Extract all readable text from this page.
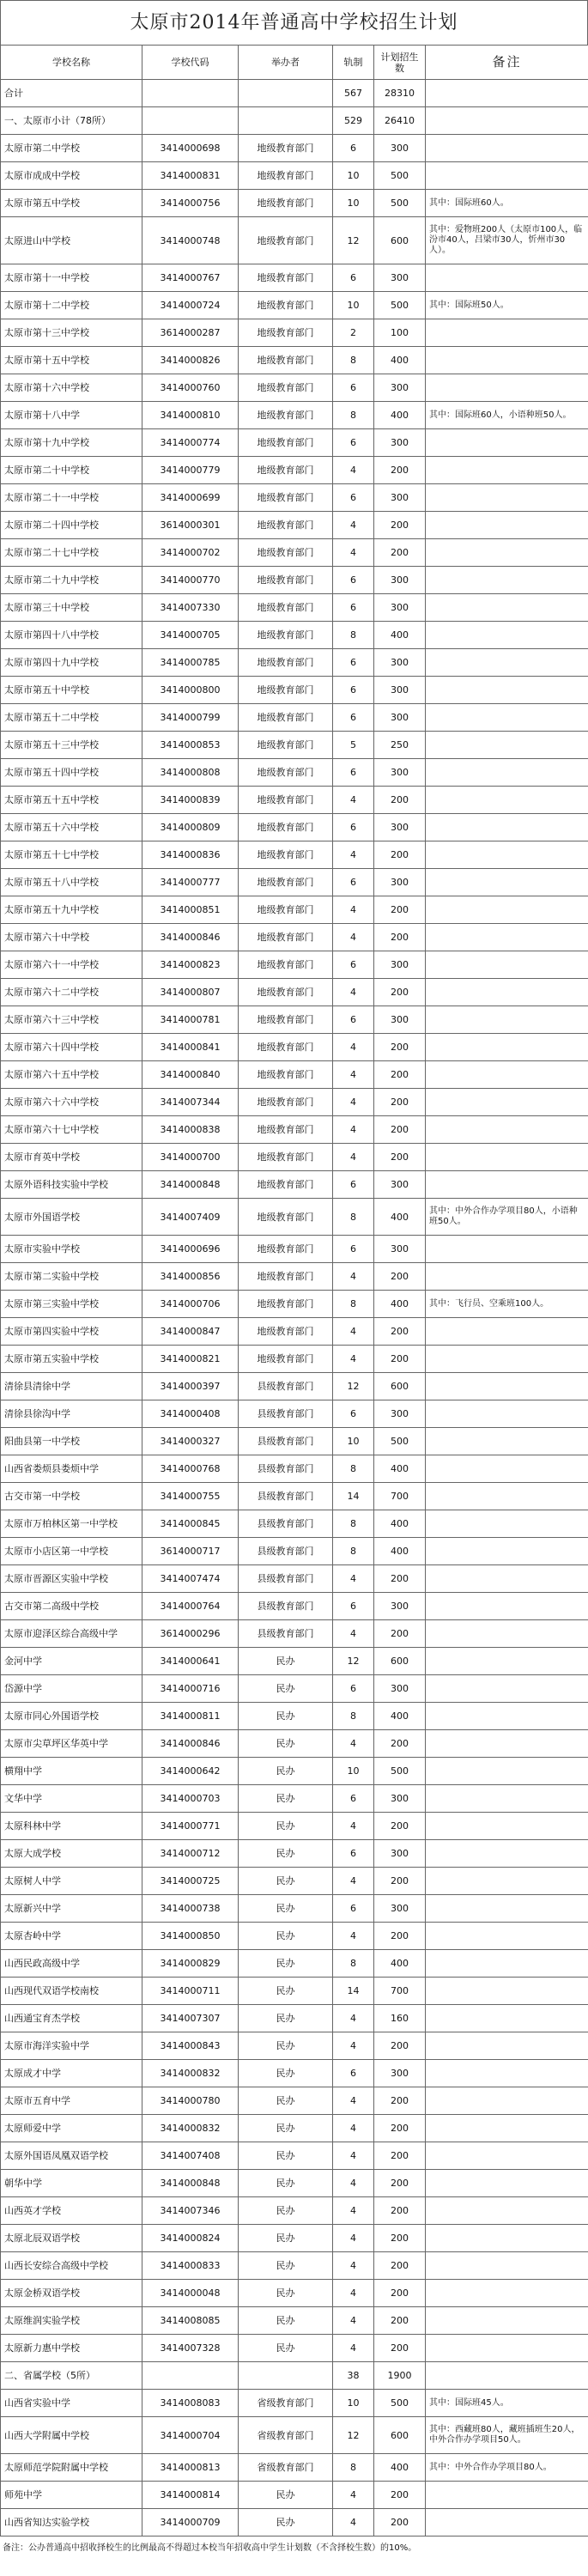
太原市2014年普通高中学校招生计划
学校名称	学校代码	举办者	轨制	计划招生数	备注
合计			567	28310	
一、太原市小计（78所）			529	26410	
太原市第二中学校	3414000698	地级教育部门	6	300	
太原市成成中学校	3414000831	地级教育部门	10	500	
太原市第五中学校	3414000756	地级教育部门	10	500	其中：国际班60人。
太原进山中学校	3414000748	地级教育部门	12	600	其中：爱物班200人（太原市100人，临汾市40人，吕梁市30人，忻州市30人）。
太原市第十一中学校	3414000767	地级教育部门	6	300	
太原市第十二中学校	3414000724	地级教育部门	10	500	其中：国际班50人。
太原市第十三中学校	3614000287	地级教育部门	2	100	
太原市第十五中学校	3414000826	地级教育部门	8	400	
太原市第十六中学校	3414000760	地级教育部门	6	300	
太原市第十八中学	3414000810	地级教育部门	8	400	其中：国际班60人，小语种班50人。
太原市第十九中学校	3414000774	地级教育部门	6	300	
太原市第二十中学校	3414000779	地级教育部门	4	200	
太原市第二十一中学校	3414000699	地级教育部门	6	300	
太原市第二十四中学校	3614000301	地级教育部门	4	200	
太原市第二十七中学校	3414000702	地级教育部门	4	200	
太原市第二十九中学校	3414000770	地级教育部门	6	300	
太原市第三十中学校	3414007330	地级教育部门	6	300	
太原市第四十八中学校	3414000705	地级教育部门	8	400	
太原市第四十九中学校	3414000785	地级教育部门	6	300	
太原市第五十中学校	3414000800	地级教育部门	6	300	
太原市第五十二中学校	3414000799	地级教育部门	6	300	
太原市第五十三中学校	3414000853	地级教育部门	5	250	
太原市第五十四中学校	3414000808	地级教育部门	6	300	
太原市第五十五中学校	3414000839	地级教育部门	4	200	
太原市第五十六中学校	3414000809	地级教育部门	6	300	
太原市第五十七中学校	3414000836	地级教育部门	4	200	
太原市第五十八中学校	3414000777	地级教育部门	6	300	
太原市第五十九中学校	3414000851	地级教育部门	4	200	
太原市第六十中学校	3414000846	地级教育部门	4	200	
太原市第六十一中学校	3414000823	地级教育部门	6	300	
太原市第六十二中学校	3414000807	地级教育部门	4	200	
太原市第六十三中学校	3414000781	地级教育部门	6	300	
太原市第六十四中学校	3414000841	地级教育部门	4	200	
太原市第六十五中学校	3414000840	地级教育部门	4	200	
太原市第六十六中学校	3414007344	地级教育部门	4	200	
太原市第六十七中学校	3414000838	地级教育部门	4	200	
太原市育英中学校	3414000700	地级教育部门	4	200	
太原外语科技实验中学校	3414000848	地级教育部门	6	300	
太原市外国语学校	3414007409	地级教育部门	8	400	其中：中外合作办学项目80人，小语种班50人。
太原市实验中学校	3414000696	地级教育部门	6	300	
太原市第二实验中学校	3414000856	地级教育部门	4	200	
太原市第三实验中学校	3414000706	地级教育部门	8	400	其中：飞行员、空乘班100人。
太原市第四实验中学校	3414000847	地级教育部门	4	200	
太原市第五实验中学校	3414000821	地级教育部门	4	200	
清徐县清徐中学	3414000397	县级教育部门	12	600	
清徐县徐沟中学	3414000408	县级教育部门	6	300	
阳曲县第一中学校	3414000327	县级教育部门	10	500	
山西省娄烦县娄烦中学	3414000768	县级教育部门	8	400	
古交市第一中学校	3414000755	县级教育部门	14	700	
太原市万柏林区第一中学校	3414000845	县级教育部门	8	400	
太原市小店区第一中学校	3614000717	县级教育部门	8	400	
太原市晋源区实验中学校	3414007474	县级教育部门	4	200	
古交市第二高级中学校	3414000764	县级教育部门	6	300	
太原市迎泽区综合高级中学	3614000296	县级教育部门	4	200	
金河中学	3414000641	民办	12	600	
岱源中学	3414000716	民办	6	300	
太原市同心外国语学校	3414000811	民办	8	400	
太原市尖草坪区华英中学	3414000846	民办	4	200	
横翔中学	3414000642	民办	10	500	
文华中学	3414000703	民办	6	300	
太原科林中学	3414000771	民办	4	200	
太原大成学校	3414000712	民办	6	300	
太原树人中学	3414000725	民办	4	200	
太原新兴中学	3414000738	民办	6	300	
太原杏岭中学	3414000850	民办	4	200	
山西民政高级中学	3414000829	民办	8	400	
山西现代双语学校南校	3414000711	民办	14	700	
山西通宝育杰学校	3414007307	民办	4	160	
太原市海洋实验中学	3414000843	民办	4	200	
太原成才中学	3414000832	民办	6	300	
太原市五育中学	3414000780	民办	4	200	
太原师爱中学	3414000832	民办	4	200	
太原外国语凤凰双语学校	3414007408	民办	4	200	
朝华中学	3414000848	民办	4	200	
山西英才学校	3414007346	民办	4	200	
太原北辰双语学校	3414000824	民办	4	200	
山西长安综合高级中学校	3414000833	民办	4	200	
太原金桥双语学校	3414000048	民办	4	200	
太原维润实验学校	3414008085	民办	4	200	
太原新力惠中学校	3414007328	民办	4	200	
二、省属学校（5所）			38	1900	
山西省实验中学	3414008083	省级教育部门	10	500	其中：国际班45人。
山西大学附属中学校	3414000704	省级教育部门	12	600	其中：西藏班80人，藏班插班生20人，中外合作办学项目50人。
太原师范学院附属中学校	3414000813	省级教育部门	8	400	其中：中外合作办学项目80人。
师苑中学	3414000814	民办	4	200	
山西省知达实验学校	3414000709	民办	4	200	
备注：公办普通高中招收择校生的比例最高不得超过本校当年招收高中学生计划数（不含择校生数）的10%。
